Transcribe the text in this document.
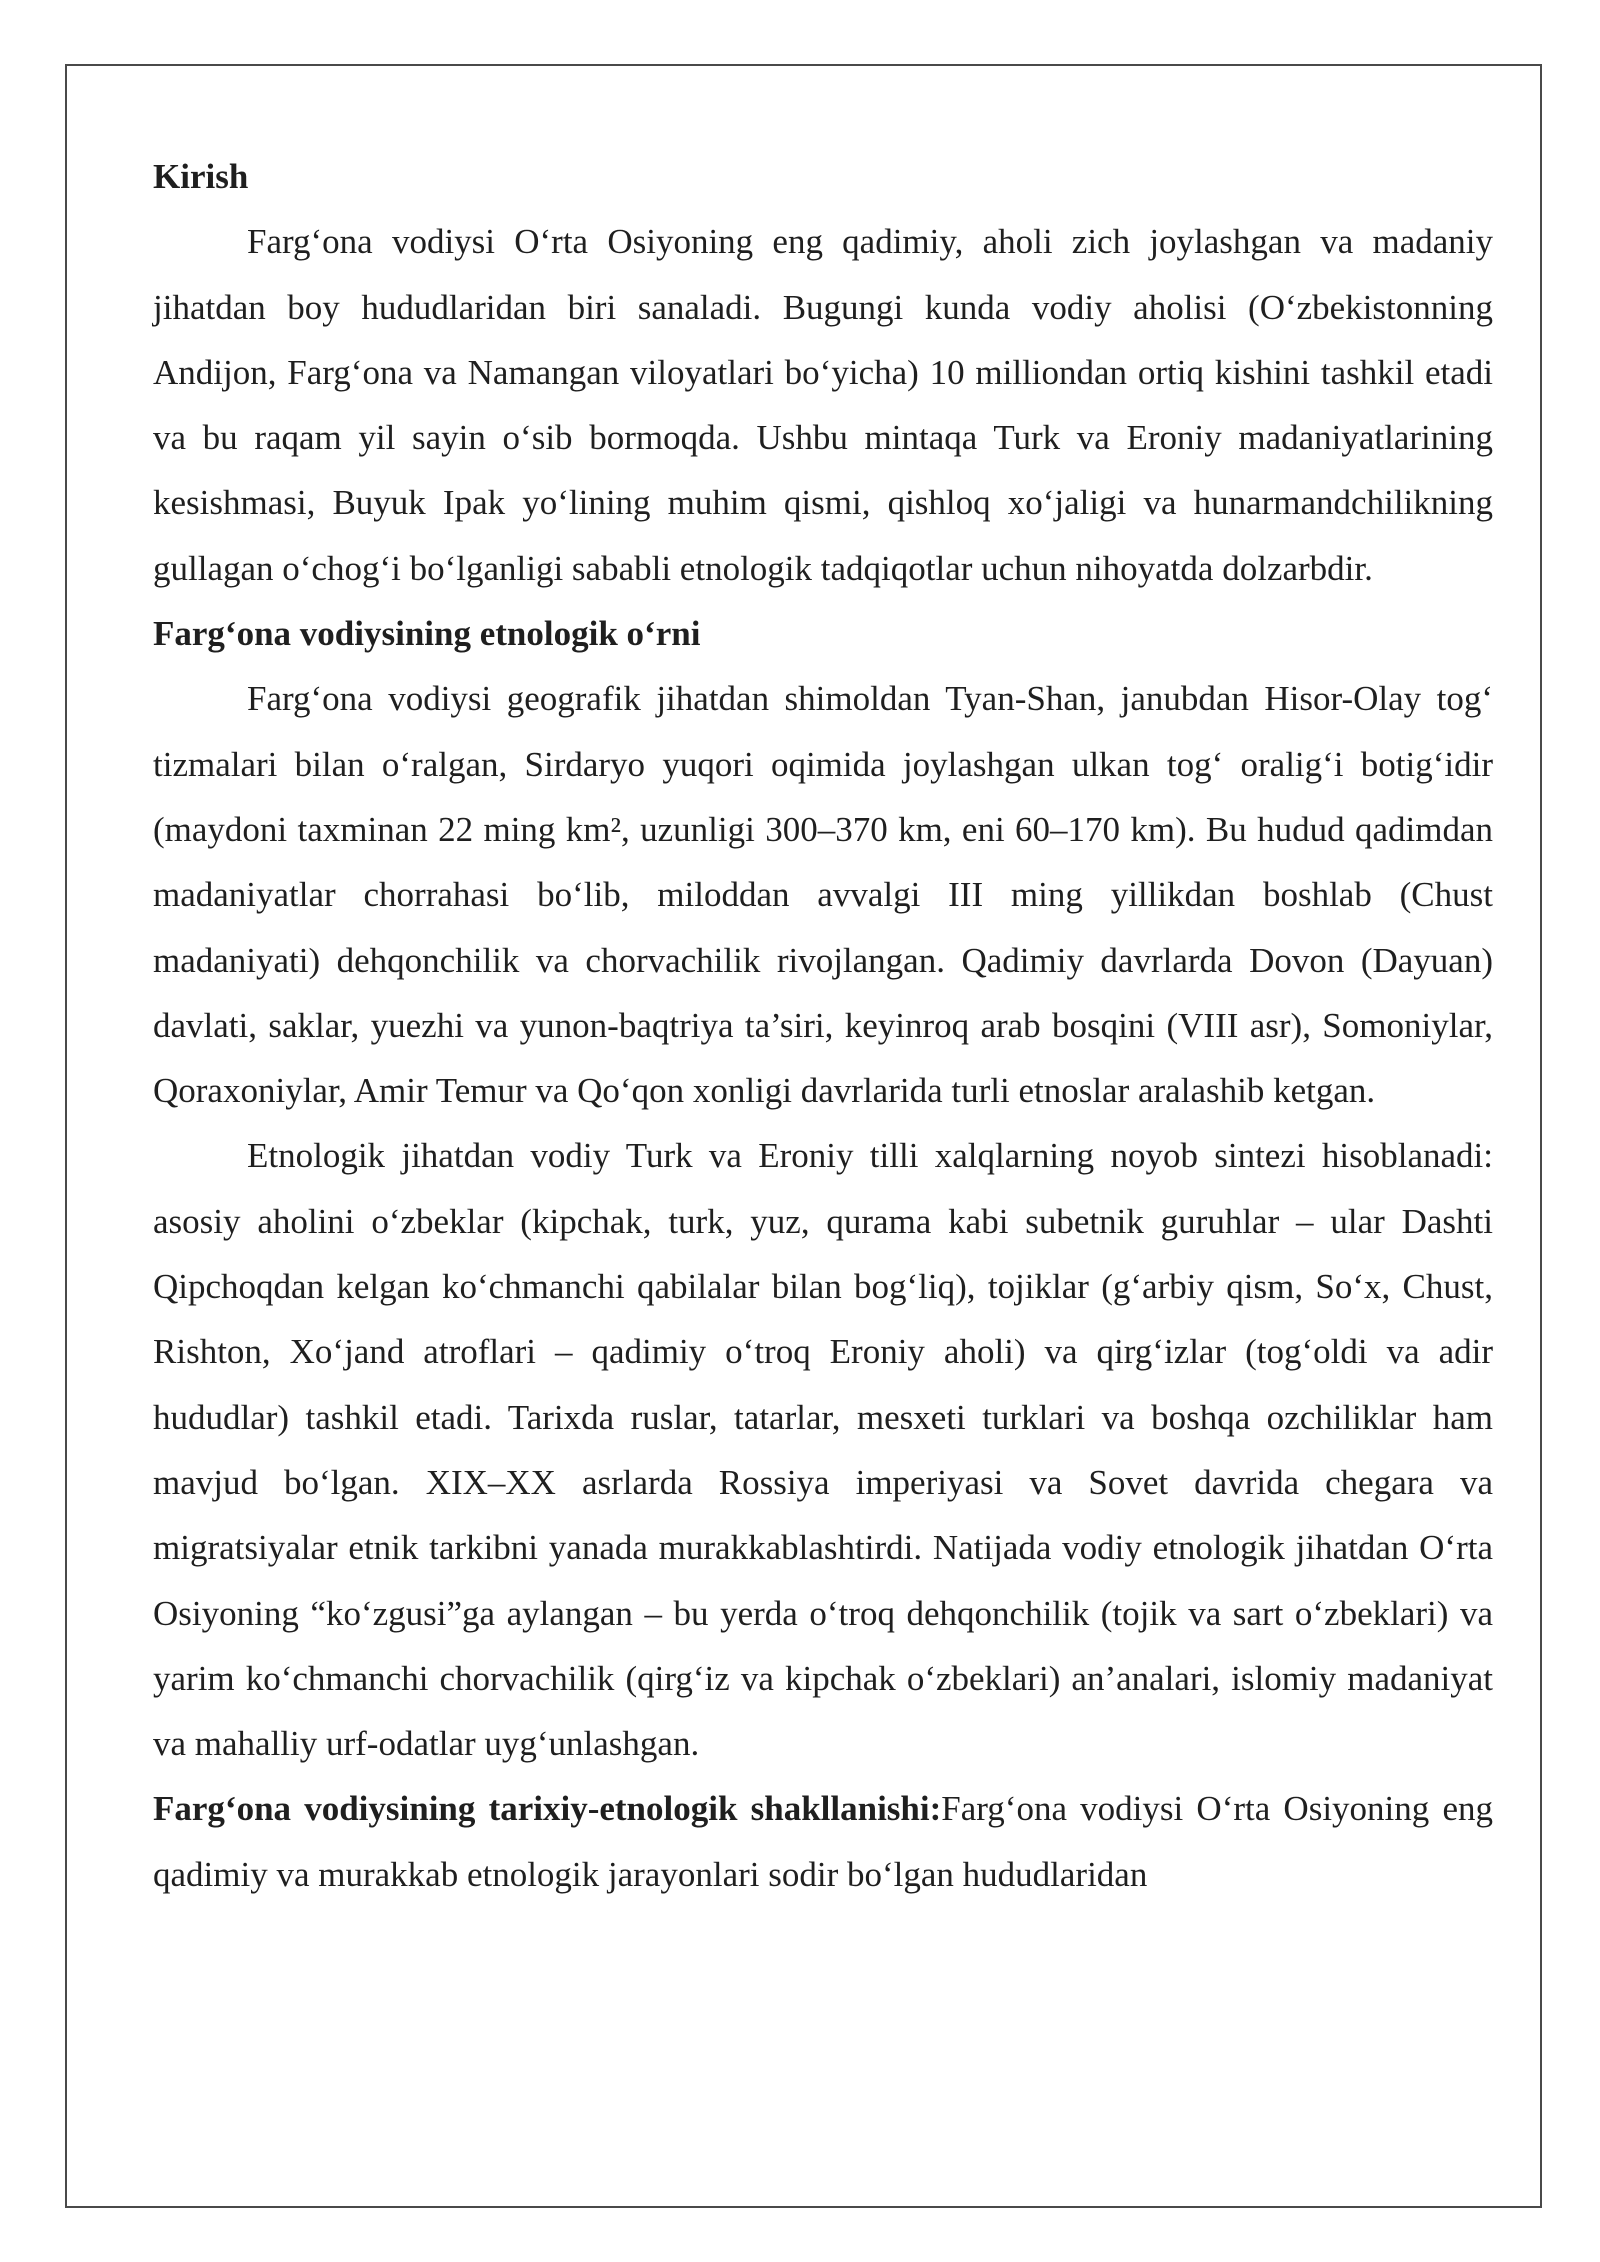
Kirish

Farg‘ona vodiysi O‘rta Osiyoning eng qadimiy, aholi zich joylashgan va madaniy jihatdan boy hududlaridan biri sanaladi. Bugungi kunda vodiy aholisi (O‘zbekistonning Andijon, Farg‘ona va Namangan viloyatlari bo‘yicha) 10 milliondan ortiq kishini tashkil etadi va bu raqam yil sayin o‘sib bormoqda. Ushbu mintaqa Turk va Eroniy madaniyatlarining kesishmasi, Buyuk Ipak yo‘lining muhim qismi, qishloq xo‘jaligi va hunarmandchilikning gullagan o‘chog‘i bo‘lganligi sababli etnologik tadqiqotlar uchun nihoyatda dolzarbdir.

Farg‘ona vodiysining etnologik o‘rni

Farg‘ona vodiysi geografik jihatdan shimoldan Tyan-Shan, janubdan Hisor-Olay tog‘ tizmalari bilan o‘ralgan, Sirdaryo yuqori oqimida joylashgan ulkan tog‘ oralig‘i botig‘idir (maydoni taxminan 22 ming km², uzunligi 300–370 km, eni 60–170 km). Bu hudud qadimdan madaniyatlar chorrahasi bo‘lib, miloddan avvalgi III ming yillikdan boshlab (Chust madaniyati) dehqonchilik va chorvachilik rivojlangan. Qadimiy davrlarda Dovon (Dayuan) davlati, saklar, yuezhi va yunon-baqtriya ta’siri, keyinroq arab bosqini (VIII asr), Somoniylar, Qoraxoniylar, Amir Temur va Qo‘qon xonligi davrlarida turli etnoslar aralashib ketgan.

Etnologik jihatdan vodiy Turk va Eroniy tilli xalqlarning noyob sintezi hisoblanadi: asosiy aholini o‘zbeklar (kipchak, turk, yuz, qurama kabi subetnik guruhlar – ular Dashti Qipchoqdan kelgan ko‘chmanchi qabilalar bilan bog‘liq), tojiklar (g‘arbiy qism, So‘x, Chust, Rishton, Xo‘jand atroflari – qadimiy o‘troq Eroniy aholi) va qirg‘izlar (tog‘oldi va adir hududlar) tashkil etadi. Tarixda ruslar, tatarlar, mesxeti turklari va boshqa ozchiliklar ham mavjud bo‘lgan. XIX–XX asrlarda Rossiya imperiyasi va Sovet davrida chegara va migratsiyalar etnik tarkibni yanada murakkablashtirdi. Natijada vodiy etnologik jihatdan O‘rta Osiyoning “ko‘zgusi”ga aylangan – bu yerda o‘troq dehqonchilik (tojik va sart o‘zbeklari) va yarim ko‘chmanchi chorvachilik (qirg‘iz va kipchak o‘zbeklari) an’analari, islomiy madaniyat va mahalliy urf-odatlar uyg‘unlashgan.

Farg‘ona vodiysining tarixiy-etnologik shakllanishi:Farg‘ona vodiysi O‘rta Osiyoning eng qadimiy va murakkab etnologik jarayonlari sodir bo‘lgan hududlaridan
